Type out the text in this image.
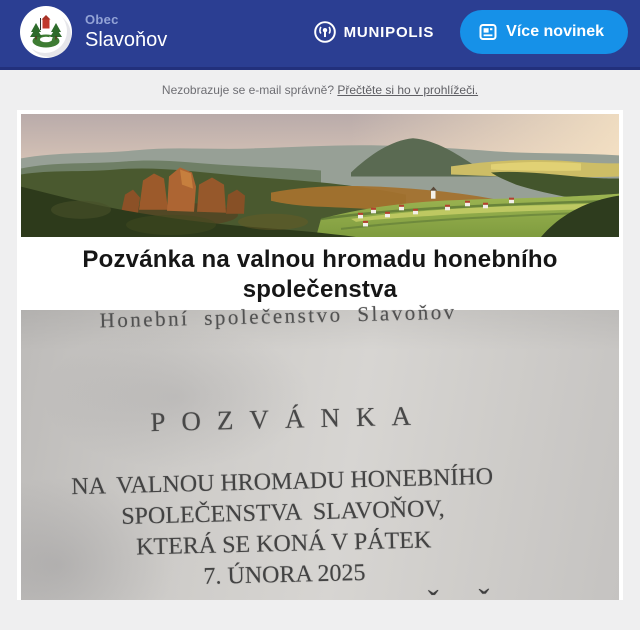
Obec
Slavoňov	MUNIPOLIS	Více novinek
Nezobrazuje se e-mail správně? Přečtěte si ho v prohlížeči.
Pozvánka na valnou hromadu honebního společenstva
Honební společenstvo Slavoňov
POZVÁNKA
NA  VALNOU HROMADU HONEBNÍHO
SPOLEČENSTVA  SLAVOŇOV,
KTERÁ SE KONÁ V PÁTEK
7. ÚNORA 2025
ˇˇ
